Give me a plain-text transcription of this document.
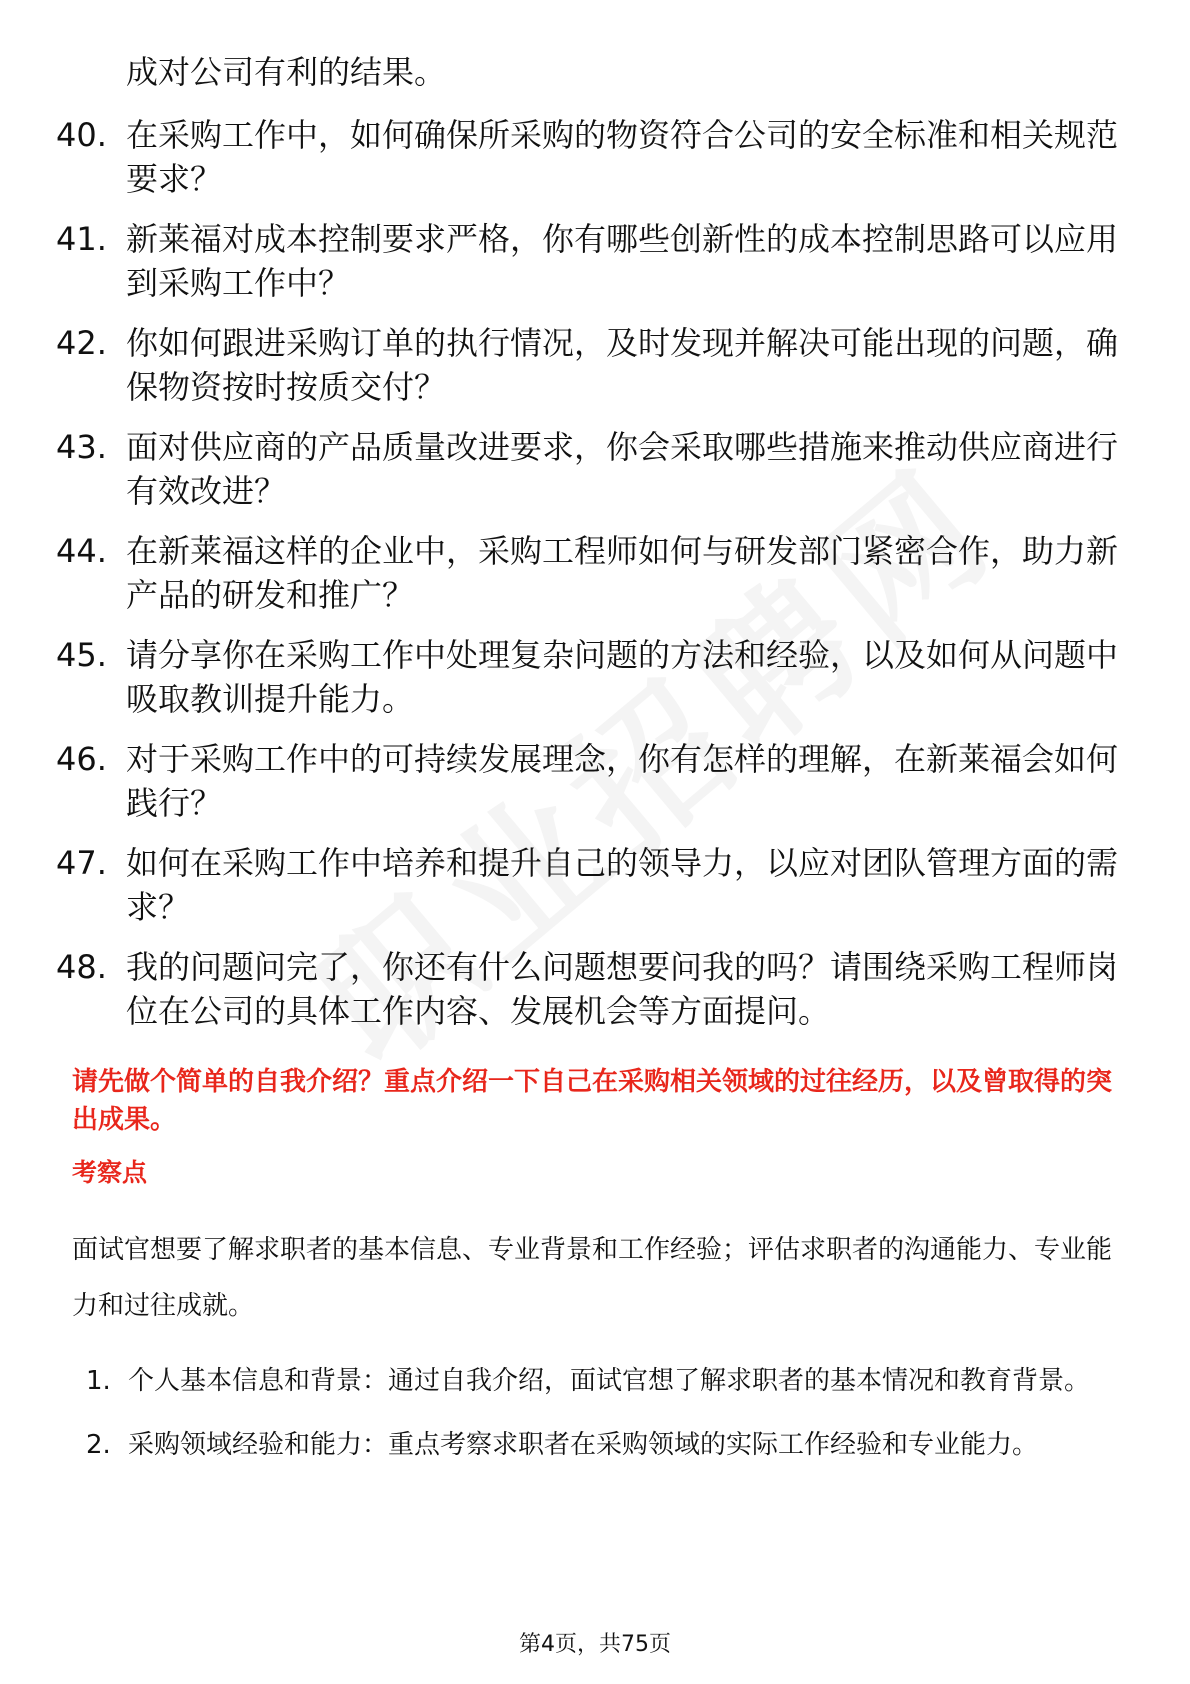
成对公司有利的结果。
40. 在采购工作中，如何确保所采购的物资符合公司的安全标准和相关规范要求？
41. 新莱福对成本控制要求严格，你有哪些创新性的成本控制思路可以应用到采购工作中？
42. 你如何跟进采购订单的执行情况，及时发现并解决可能出现的问题，确保物资按时按质交付？
43. 面对供应商的产品质量改进要求，你会采取哪些措施来推动供应商进行有效改进？
44. 在新莱福这样的企业中，采购工程师如何与研发部门紧密合作，助力新产品的研发和推广？
45. 请分享你在采购工作中处理复杂问题的方法和经验，以及如何从问题中吸取教训提升能力。
46. 对于采购工作中的可持续发展理念，你有怎样的理解，在新莱福会如何践行？
47. 如何在采购工作中培养和提升自己的领导力，以应对团队管理方面的需求？
48. 我的问题问完了，你还有什么问题想要问我的吗？请围绕采购工程师岗位在公司的具体工作内容、发展机会等方面提问。
请先做个简单的自我介绍？重点介绍一下自己在采购相关领域的过往经历，以及曾取得的突出成果。
考察点
面试官想要了解求职者的基本信息、专业背景和工作经验；评估求职者的沟通能力、专业能力和过往成就。
1. 个人基本信息和背景：通过自我介绍，面试官想了解求职者的基本情况和教育背景。
2. 采购领域经验和能力：重点考察求职者在采购领域的实际工作经验和专业能力。
第4页，共75页
